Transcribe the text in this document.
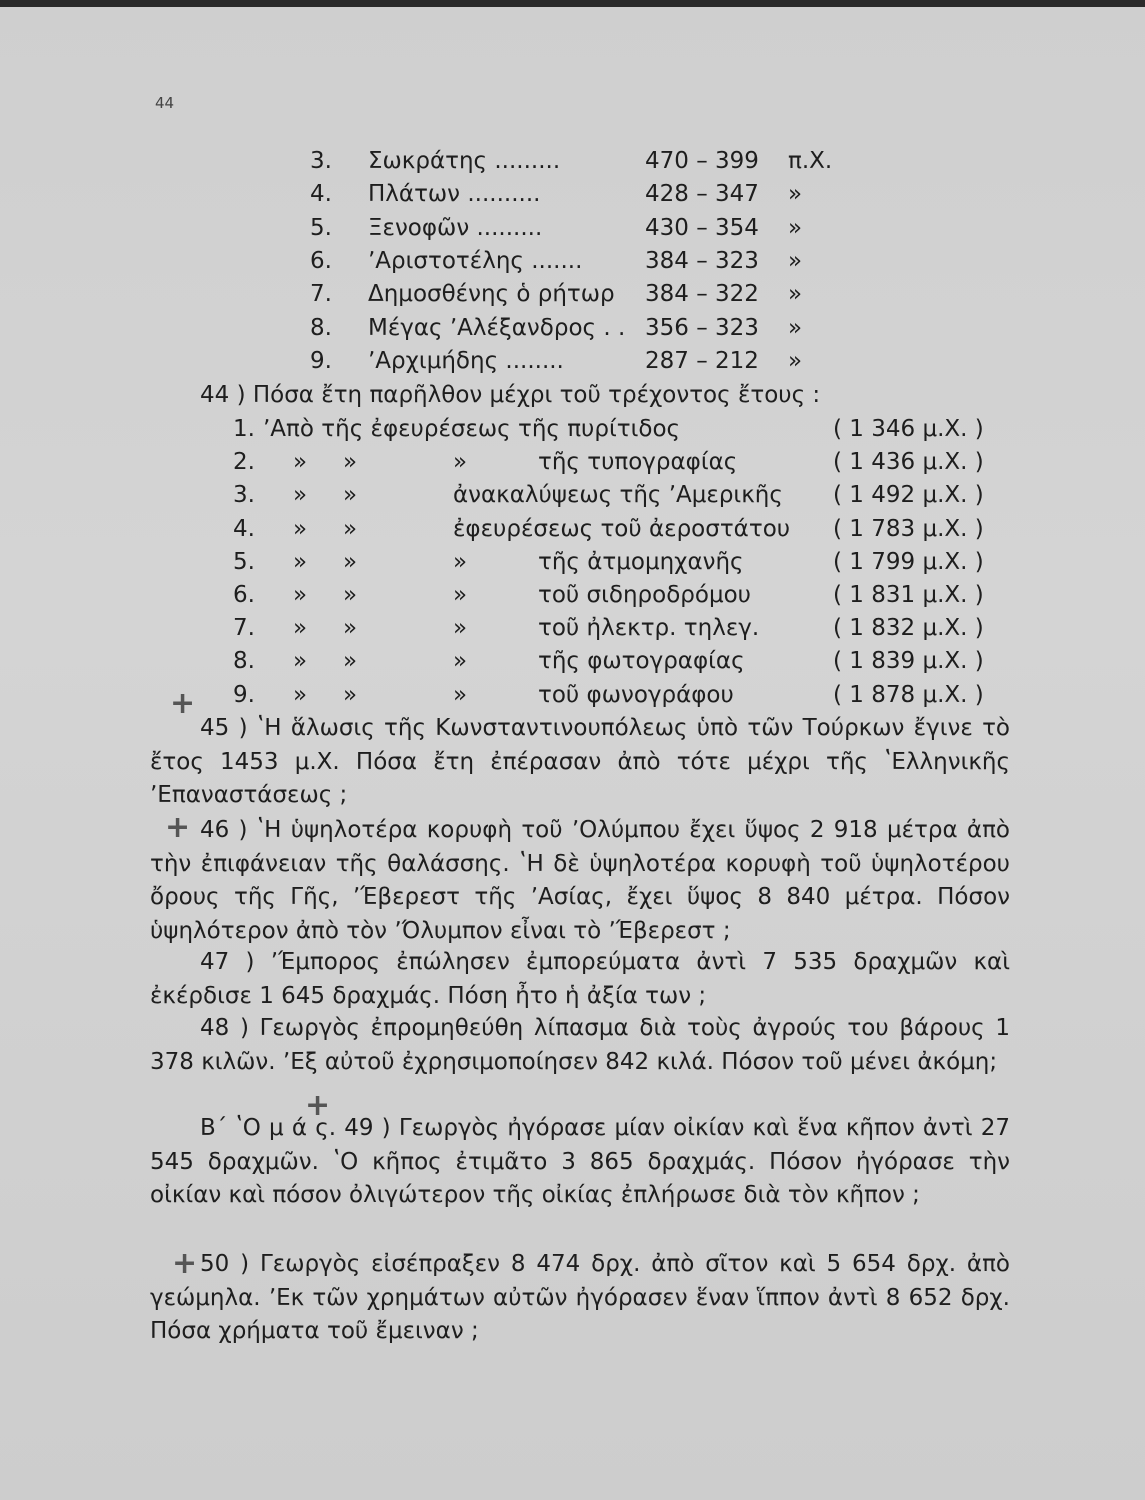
44
3. Σωκράτης .........	470 – 399 π.Χ.
4. Πλάτων ..........	428 – 347 »
5. Ξενοφῶν .........	430 – 354 »
6. ʼΑριστοτέλης .......	384 – 323 »
7. Δημοσθένης ὁ ρήτωρ 384 – 322 »
8. Μέγας ʼΑλέξανδρος . . 356 – 323 »
9. ʼΑρχιμήδης ........	287 – 212 »
44 ) Πόσα ἔτη παρῆλθον μέχρι τοῦ τρέχοντος ἔτους :
1. ʼΑπὸ τῆς ἐφευρέσεως τῆς πυρίτιδος	( 1 346 μ.Χ. )
2. » »	»	τῆς τυπογραφίας	( 1 436 μ.Χ. )
3. » »	ἀνακαλύψεως τῆς ʼΑμερικῆς ( 1 492 μ.Χ. )
4. » »	ἐφευρέσεως τοῦ ἀεροστάτου ( 1 783 μ.Χ. )
5. » »	»	τῆς ἀτμομηχανῆς	( 1 799 μ.Χ. )
6. » »	»	τοῦ σιδηροδρόμου	( 1 831 μ.Χ. )
7. » »	»	τοῦ ἠλεκτρ. τηλεγ.	( 1 832 μ.Χ. )
8. » »	»	τῆς φωτογραφίας	( 1 839 μ.Χ. )
9. » »	»	τοῦ φωνογράφου	( 1 878 μ.Χ. )
45 ) ʽΗ ἅλωσις τῆς Κωνσταντινουπόλεως ὑπὸ τῶν Τούρκων ἔγινε τὸ ἔτος 1453 μ.Χ. Πόσα ἔτη ἐπέρασαν ἀπὸ τότε μέχρι τῆς ʽΕλληνικῆς ʼΕπαναστάσεως ;
46 ) ʽΗ ὑψηλοτέρα κορυφὴ τοῦ ʼΟλύμπου ἔχει ὕψος 2 918 μέτρα ἀπὸ τὴν ἐπιφάνειαν τῆς θαλάσσης. ʽΗ δὲ ὑψηλοτέρα κορυφὴ τοῦ ὑψηλοτέρου ὄρους τῆς Γῆς, ʼΈβερεστ τῆς ʼΑσίας, ἔχει ὕψος 8 840 μέτρα. Πόσον ὑψηλότερον ἀπὸ τὸν ʼΌλυμπον εἶναι τὸ ʼΈβερεστ ;
47 ) ʼΈμπορος ἐπώλησεν ἐμπορεύματα ἀντὶ 7 535 δραχμῶν καὶ ἐκέρδισε 1 645 δραχμάς. Πόση ἦτο ἡ ἀξία των ;
48 ) Γεωργὸς ἐπρομηθεύθη λίπασμα διὰ τοὺς ἀγρούς του βάρους 1 378 κιλῶν. ʼΕξ αὐτοῦ ἐχρησιμοποίησεν 842 κιλά. Πόσον τοῦ μένει ἀκόμη;
Β΄ ʽΟ μ ά ς. 49 ) Γεωργὸς ἠγόρασε μίαν οἰκίαν καὶ ἕνα κῆπον ἀντὶ 27 545 δραχμῶν. ʽΟ κῆπος ἐτιμᾶτο 3 865 δραχμάς. Πόσον ἠγόρασε τὴν οἰκίαν καὶ πόσον ὀλιγώτερον τῆς οἰκίας ἐπλήρωσε διὰ τὸν κῆπον ;
50 ) Γεωργὸς εἰσέπραξεν 8 474 δρχ. ἀπὸ σῖτον καὶ 5 654 δρχ. ἀπὸ γεώμηλα. ʼΕκ τῶν χρημάτων αὐτῶν ἠγόρασεν ἕναν ἵππον ἀντὶ 8 652 δρχ. Πόσα χρήματα τοῦ ἔμειναν ;
+
+
+
+
